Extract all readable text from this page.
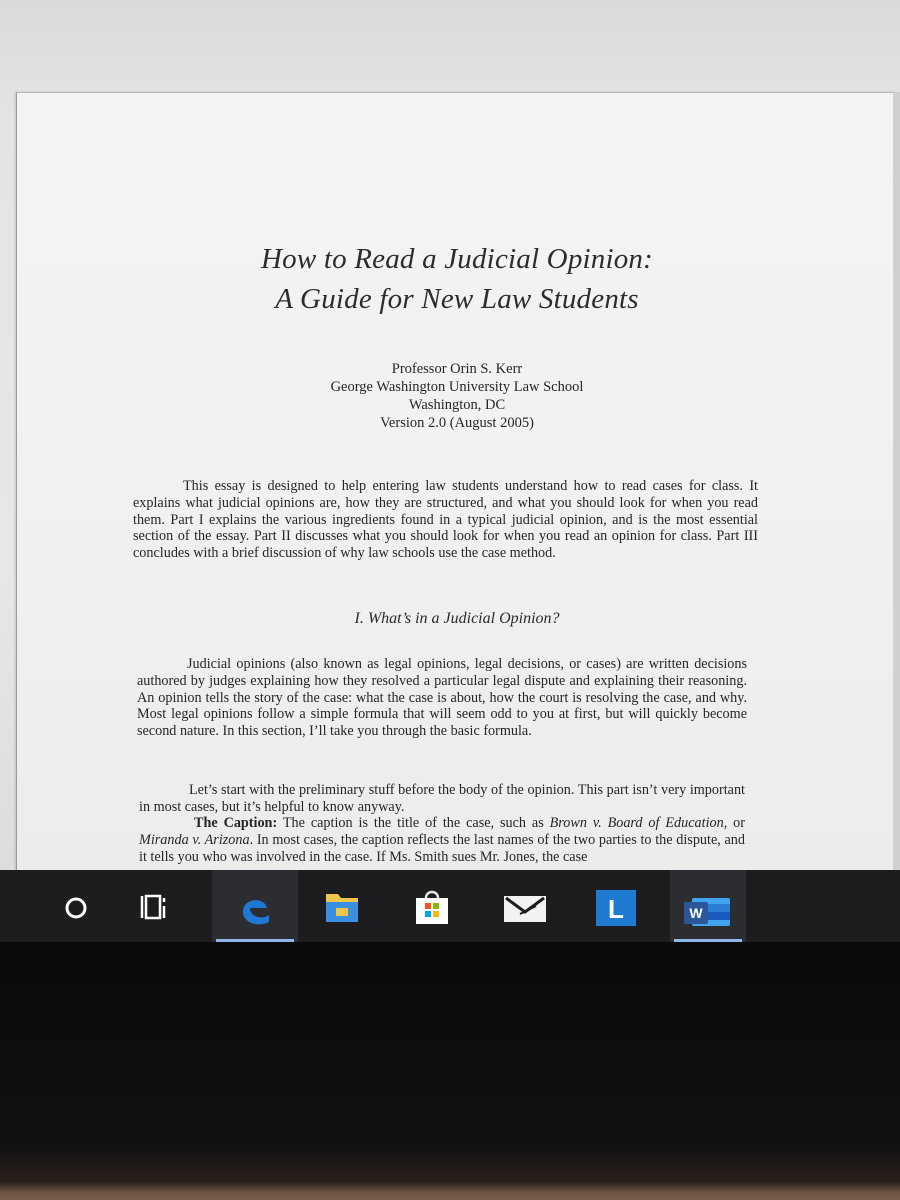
How to Read a Judicial Opinion:
A Guide for New Law Students
Professor Orin S. Kerr
George Washington University Law School
Washington, DC
Version 2.0 (August 2005)
This essay is designed to help entering law students understand how to read cases for class. It explains what judicial opinions are, how they are structured, and what you should look for when you read them. Part I explains the various ingredients found in a typical judicial opinion, and is the most essential section of the essay. Part II discusses what you should look for when you read an opinion for class. Part III concludes with a brief discussion of why law schools use the case method.
I. What’s in a Judicial Opinion?
Judicial opinions (also known as legal opinions, legal decisions, or cases) are written decisions authored by judges explaining how they resolved a particular legal dispute and explaining their reasoning. An opinion tells the story of the case: what the case is about, how the court is resolving the case, and why. Most legal opinions follow a simple formula that will seem odd to you at first, but will quickly become second nature. In this section, I’ll take you through the basic formula.
Let’s start with the preliminary stuff before the body of the opinion. This part isn’t very important in most cases, but it’s helpful to know anyway.
The Caption: The caption is the title of the case, such as Brown v. Board of Education, or Miranda v. Arizona. In most cases, the caption reflects the last names of the two parties to the dispute, and it tells you who was involved in the case. If Ms. Smith sues Mr. Jones, the case
L	W
